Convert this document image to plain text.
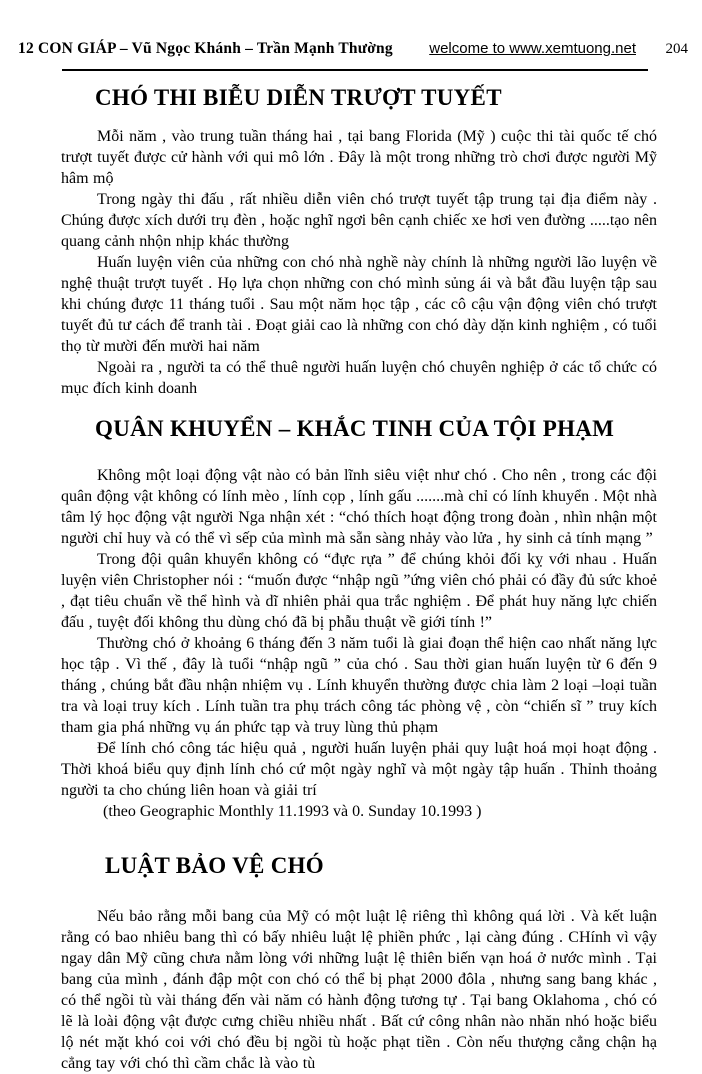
12 CON GIÁP – Vũ Ngọc Khánh – Trần Mạnh Thường welcome to www.xemtuong.net	204
CHÓ THI BIỄU DIỄN TRƯỢT TUYẾT

Mỗi năm , vào trung tuần tháng hai , tại bang Florida (Mỹ ) cuộc thi tài quốc tế chó trượt tuyết được cử hành với qui mô lớn . Đây là một trong những trò chơi được người Mỹ hâm mộ

Trong ngày thi đấu , rất nhiều diễn viên chó trượt tuyết tập trung tại địa điểm này . Chúng được xích dưới trụ đèn , hoặc nghĩ ngơi bên cạnh chiếc xe hơi ven đường .....tạo nên quang cảnh nhộn nhịp khác thường

Huấn luyện viên của những con chó nhà nghề này chính là những người lão luyện về nghệ thuật trượt tuyết . Họ lựa chọn những con chó mình sủng ái và bắt đầu luyện tập sau khi chúng được 11 tháng tuổi . Sau một năm học tập , các cô cậu vận động viên chó trượt tuyết đủ tư cách để tranh tài . Đoạt giải cao là những con chó dày dặn kinh nghiệm , có tuổi thọ từ mười đến mười hai năm

Ngoài ra , người ta có thể thuê người huấn luyện chó chuyên nghiệp ở các tổ chức có mục đích kinh doanh

QUÂN KHUYỂN – KHẮC TINH CỦA TỘI PHẠM

Không một loại động vật nào có bản lĩnh siêu việt như chó . Cho nên , trong các đội quân động vật không có lính mèo , lính cọp , lính gấu .......mà chỉ có lính khuyển . Một nhà tâm lý học động vật người Nga nhận xét : “chó thích hoạt động trong đoàn , nhìn nhận một người chỉ huy và có thể vì sếp của mình mà sẵn sàng nhảy vào lửa , hy sinh cả tính mạng ”

Trong đội quân khuyển không có “đực rựa ” để chúng khỏi đối kỵ với nhau . Huấn luyện viên Christopher nói : “muốn được “nhập ngũ ”ứng viên chó phải có đầy đủ sức khoẻ , đạt tiêu chuẩn về thể hình và dĩ nhiên phải qua trắc nghiệm . Để phát huy năng lực chiến đấu , tuyệt đối không thu dùng chó đã bị phẫu thuật về giới tính !”

Thường chó ở khoảng 6 tháng đến 3 năm tuổi là giai đoạn thể hiện cao nhất năng lực học tập . Vì thế , đây là tuổi “nhập ngũ ” của chó . Sau thời gian huấn luyện từ 6 đến 9 tháng , chúng bắt đầu nhận nhiệm vụ . Lính khuyển thường được chia làm 2 loại –loại tuần tra và loại truy kích . Lính tuần tra phụ trách công tác phòng vệ , còn “chiến sĩ ” truy kích tham gia phá những vụ án phức tạp và truy lùng thủ phạm

Để lính chó công tác hiệu quả , người huấn luyện phải quy luật hoá mọi hoạt động . Thời khoá biểu quy định lính chó cứ một ngày nghĩ và một ngày tập huấn . Thỉnh thoảng người ta cho chúng liên hoan và giải trí

(theo Geographic Monthly 11.1993 và 0. Sunday 10.1993 )

LUẬT BẢO VỆ CHÓ

Nếu bảo rằng mỗi bang của Mỹ có một luật lệ riêng thì không quá lời . Và kết luận rằng có bao nhiêu bang thì có bấy nhiêu luật lệ phiền phức , lại càng đúng . CHính vì vậy ngay dân Mỹ cũng chưa nằm lòng với những luật lệ thiên biến vạn hoá ở nước mình . Tại bang của mình , đánh đập một con chó có thể bị phạt 2000 đôla , nhưng sang bang khác , có thể ngồi tù vài tháng đến vài năm có hành động tương tự . Tại bang Oklahoma , chó có lẽ là loài động vật được cưng chiều nhiều nhất . Bất cứ công nhân nào nhăn nhó hoặc biểu lộ nét mặt khó coi với chó đều bị ngồi tù hoặc phạt tiền . Còn nếu thượng cẳng chận hạ cẳng tay với chó thì cầm chắc là vào tù
